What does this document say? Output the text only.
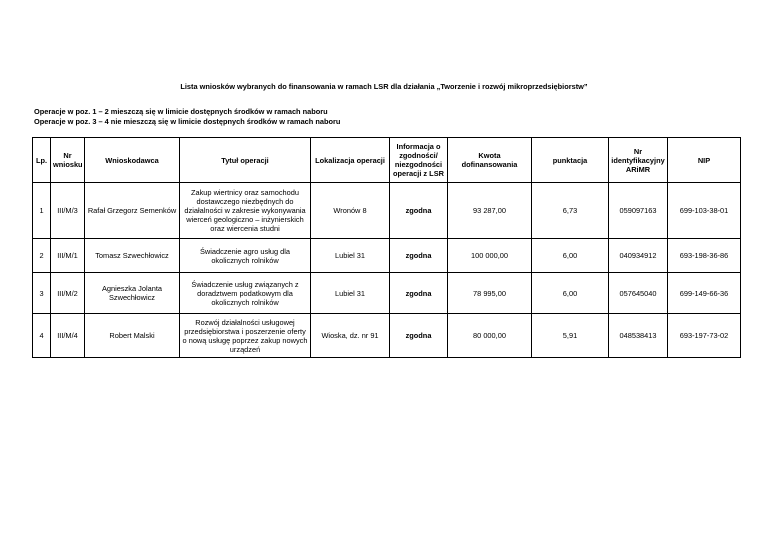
Lista wniosków wybranych do finansowania w ramach LSR dla działania „Tworzenie i rozwój mikroprzedsiębiorstw”
Operacje w poz. 1 – 2 mieszczą się w limicie dostępnych środków w ramach naboru
Operacje w poz. 3 – 4 nie mieszczą się w limicie dostępnych środków w ramach naboru
Lp.	Nr wniosku	Wnioskodawca	Tytuł operacji	Lokalizacja operacji	Informacja o zgodności/ niezgodności operacji z LSR	Kwota dofinansowania	punktacja	Nr identyfikacyjny ARiMR	NIP
1	III/M/3	Rafał Grzegorz Semenków	Zakup wiertnicy oraz samochodu dostawczego niezbędnych do działalności w zakresie wykonywania wierceń geologiczno – inżynierskich oraz wiercenia studni	Wronów 8	zgodna	93 287,00	6,73	059097163	699-103-38-01
2	III/M/1	Tomasz Szwechłowicz	Świadczenie agro usług dla okolicznych rolników	Lubiel 31	zgodna	100 000,00	6,00	040934912	693-198-36-86
3	III/M/2	Agnieszka Jolanta Szwechłowicz	Świadczenie usług związanych z doradztwem podatkowym dla okolicznych rolników	Lubiel 31	zgodna	78 995,00	6,00	057645040	699-149-66-36
4	III/M/4	Robert Malski	Rozwój działalności usługowej przedsiębiorstwa i poszerzenie oferty o nową usługę poprzez zakup nowych urządzeń	Wioska, dz. nr 91	zgodna	80 000,00	5,91	048538413	693-197-73-02
